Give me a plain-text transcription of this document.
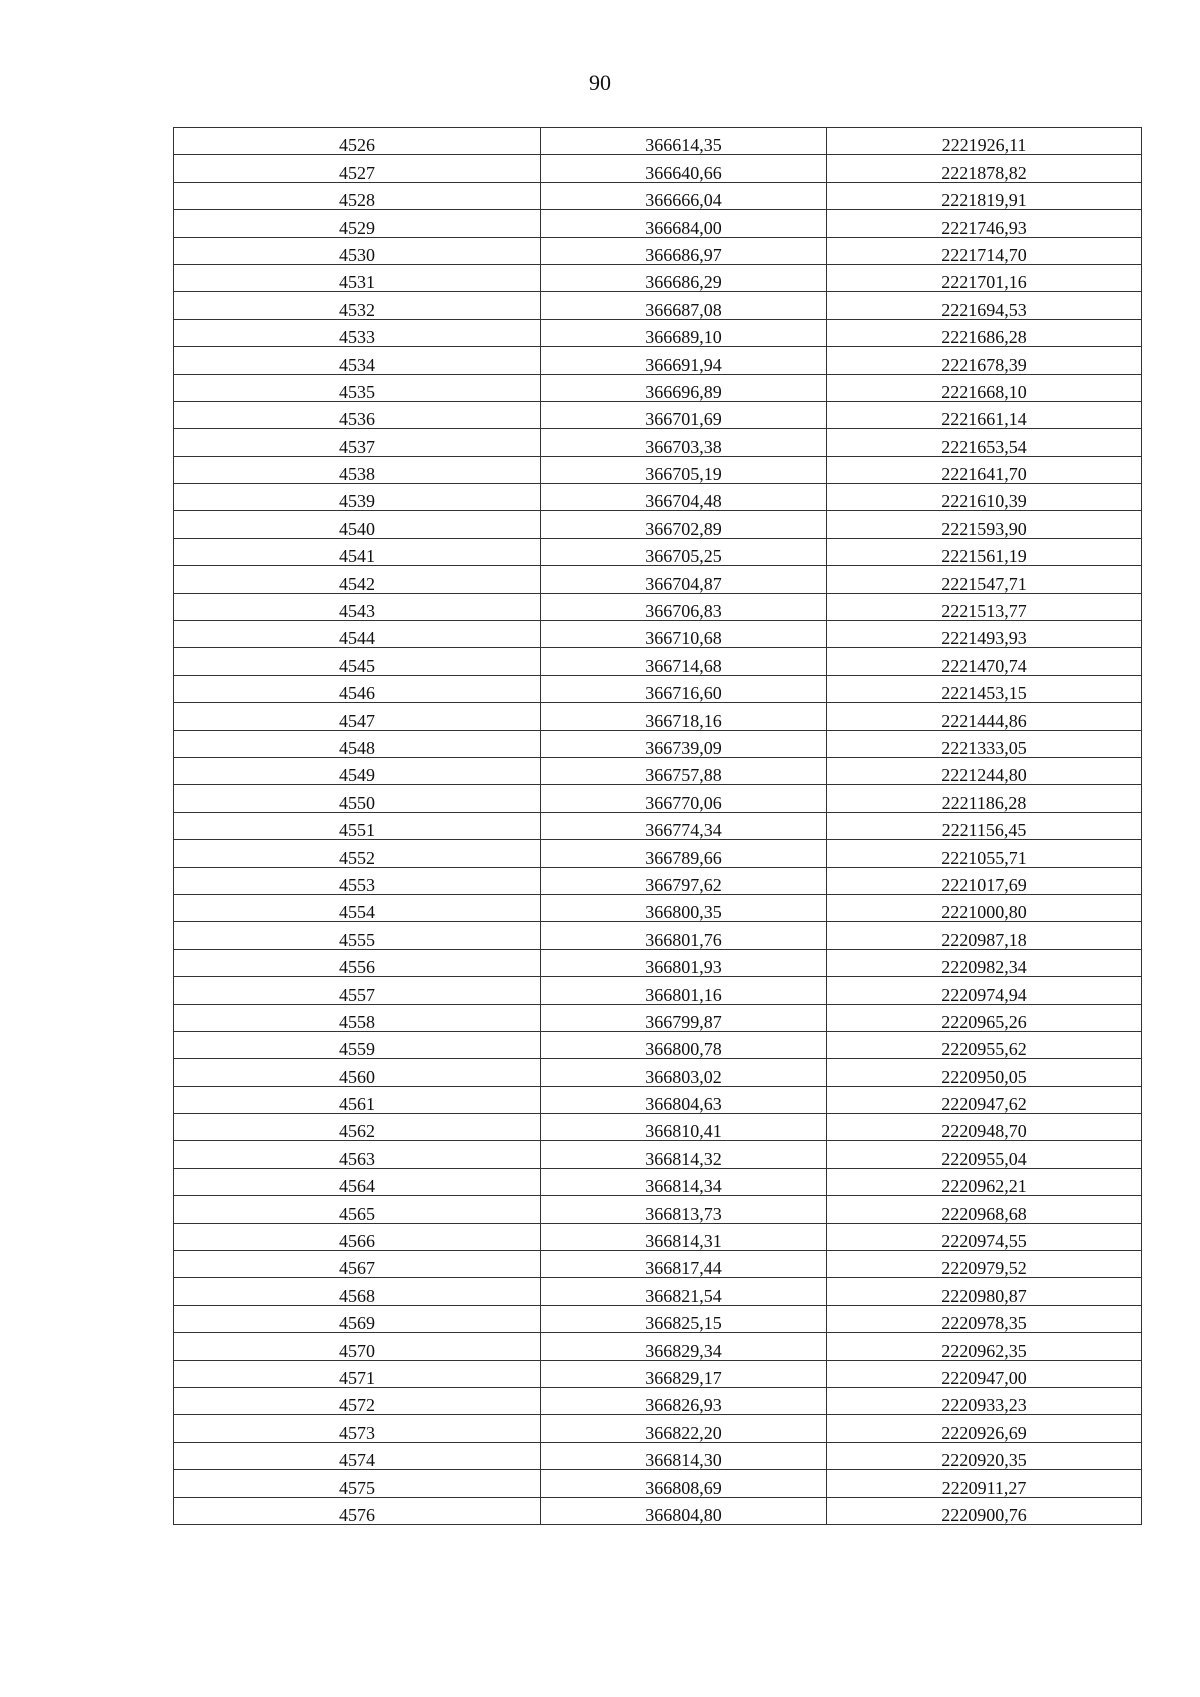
90
4526	366614,35	2221926,11
4527	366640,66	2221878,82
4528	366666,04	2221819,91
4529	366684,00	2221746,93
4530	366686,97	2221714,70
4531	366686,29	2221701,16
4532	366687,08	2221694,53
4533	366689,10	2221686,28
4534	366691,94	2221678,39
4535	366696,89	2221668,10
4536	366701,69	2221661,14
4537	366703,38	2221653,54
4538	366705,19	2221641,70
4539	366704,48	2221610,39
4540	366702,89	2221593,90
4541	366705,25	2221561,19
4542	366704,87	2221547,71
4543	366706,83	2221513,77
4544	366710,68	2221493,93
4545	366714,68	2221470,74
4546	366716,60	2221453,15
4547	366718,16	2221444,86
4548	366739,09	2221333,05
4549	366757,88	2221244,80
4550	366770,06	2221186,28
4551	366774,34	2221156,45
4552	366789,66	2221055,71
4553	366797,62	2221017,69
4554	366800,35	2221000,80
4555	366801,76	2220987,18
4556	366801,93	2220982,34
4557	366801,16	2220974,94
4558	366799,87	2220965,26
4559	366800,78	2220955,62
4560	366803,02	2220950,05
4561	366804,63	2220947,62
4562	366810,41	2220948,70
4563	366814,32	2220955,04
4564	366814,34	2220962,21
4565	366813,73	2220968,68
4566	366814,31	2220974,55
4567	366817,44	2220979,52
4568	366821,54	2220980,87
4569	366825,15	2220978,35
4570	366829,34	2220962,35
4571	366829,17	2220947,00
4572	366826,93	2220933,23
4573	366822,20	2220926,69
4574	366814,30	2220920,35
4575	366808,69	2220911,27
4576	366804,80	2220900,76
